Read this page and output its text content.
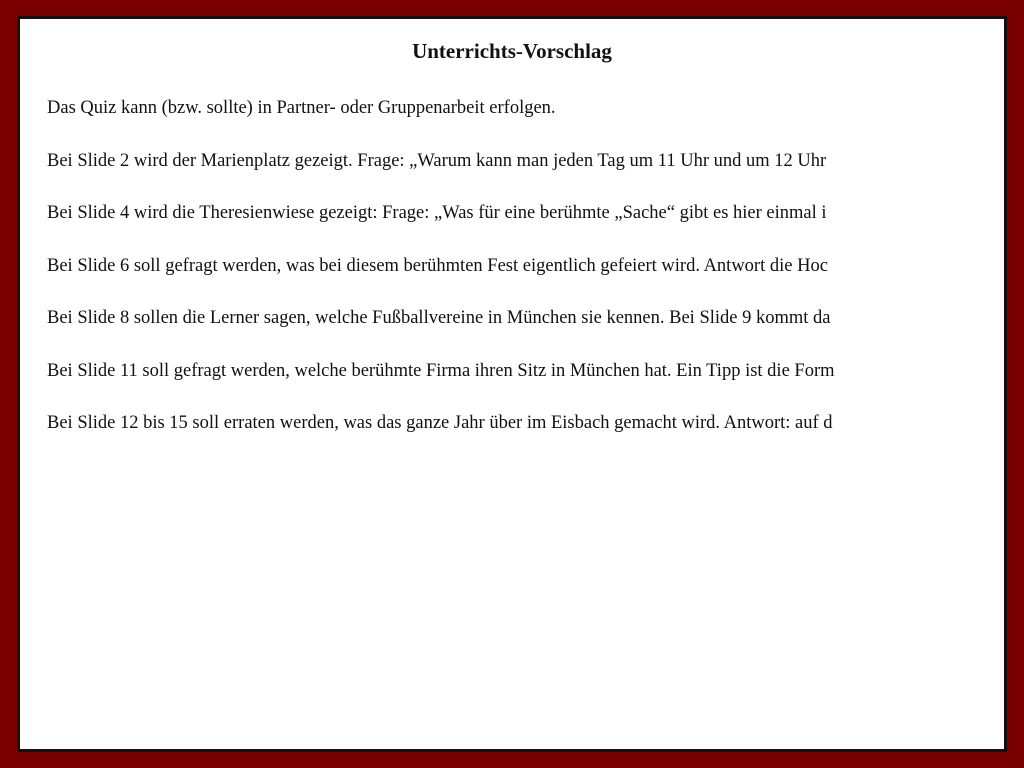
Unterrichts-Vorschlag
Das Quiz kann (bzw. sollte) in Partner- oder Gruppenarbeit erfolgen.
Bei Slide 2 wird der Marienplatz gezeigt. Frage: „Warum kann man jeden Tag um 11 Uhr und um 12 Uhr
Bei Slide 4 wird die Theresienwiese gezeigt: Frage: „Was für eine berühmte „Sache“ gibt es hier einmal i
Bei Slide 6 soll gefragt werden, was bei diesem berühmten Fest eigentlich gefeiert wird. Antwort die Hoc
Bei Slide 8 sollen die Lerner sagen, welche Fußballvereine in München sie kennen. Bei Slide 9 kommt da
Bei Slide 11 soll gefragt werden, welche berühmte Firma ihren Sitz in München hat. Ein Tipp ist die Form
Bei Slide 12 bis 15 soll erraten werden, was das ganze Jahr über im Eisbach gemacht wird. Antwort: auf d
